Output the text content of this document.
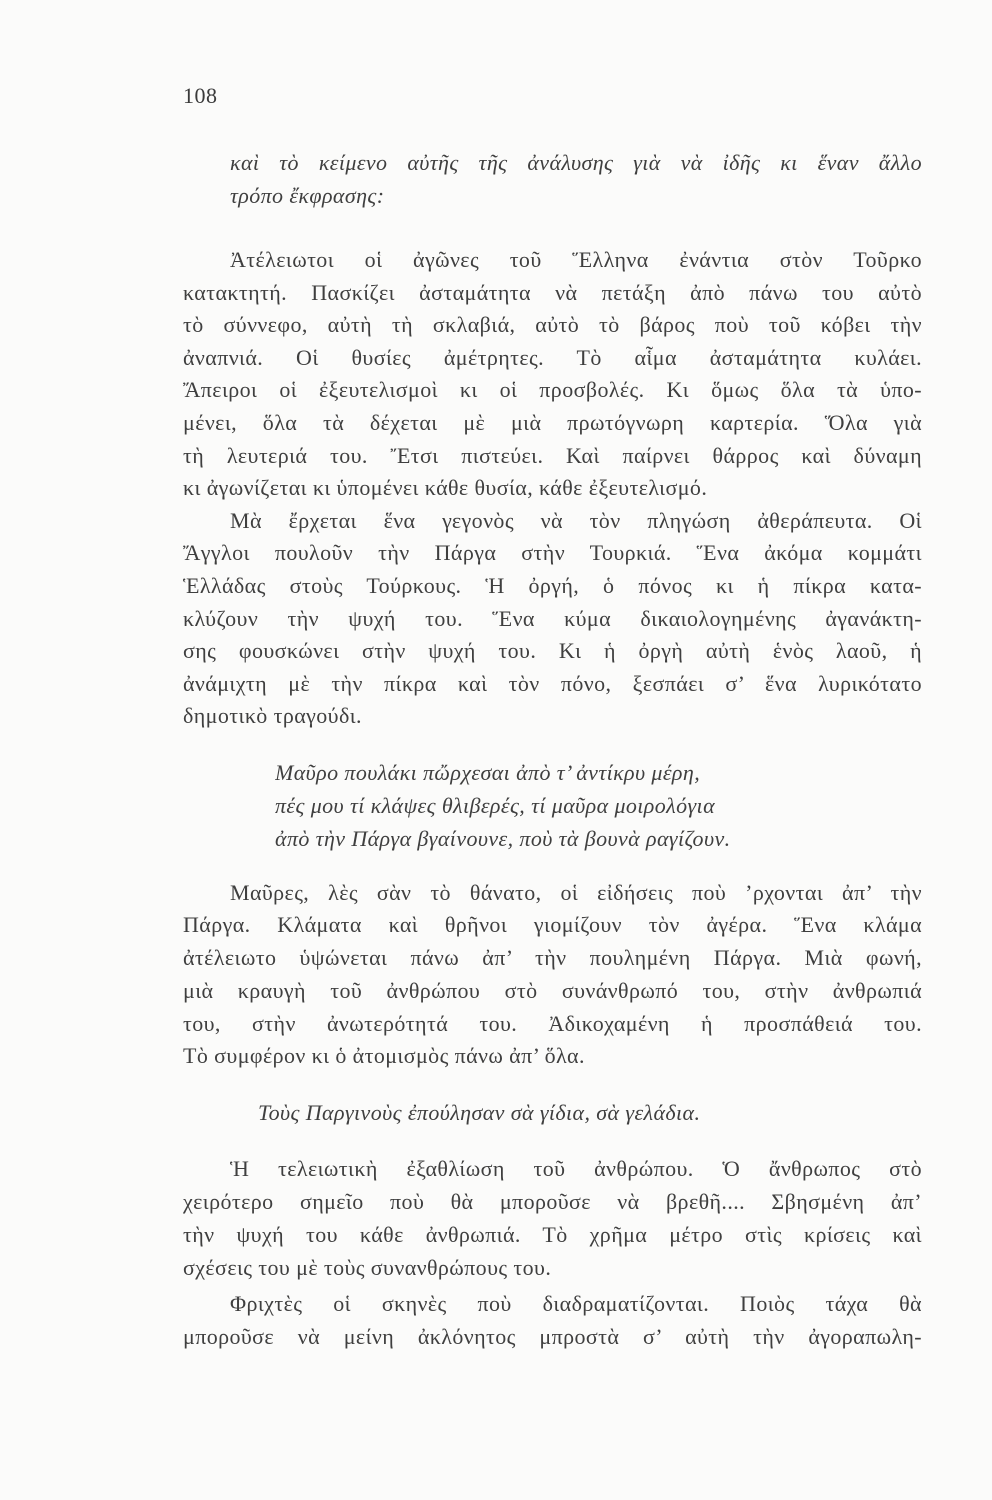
108
καὶ τὸ κείμενο αὐτῆς τῆς ἀνάλυσης γιὰ νὰ ἰδῆς κι ἕναν ἄλλο
τρόπο ἔκφρασης:
Ἀτέλειωτοι οἱ ἀγῶνες τοῦ Ἕλληνα ἐνάντια στὸν Τοῦρκο
κατακτητή. Πασκίζει ἀσταμάτητα νὰ πετάξη ἀπὸ πάνω του αὐτὸ
τὸ σύννεφο, αὐτὴ τὴ σκλαβιά, αὐτὸ τὸ βάρος ποὺ τοῦ κόβει τὴν
ἀναπνιά. Οἱ θυσίες ἀμέτρητες. Τὸ αἷμα ἀσταμάτητα κυλάει.
Ἄπειροι οἱ ἐξευτελισμοὶ κι οἱ προσβολές. Κι ὅμως ὅλα τὰ ὑπο-
μένει, ὅλα τὰ δέχεται μὲ μιὰ πρωτόγνωρη καρτερία. Ὅλα γιὰ
τὴ λευτεριά του. Ἔτσι πιστεύει. Καὶ παίρνει θάρρος καὶ δύναμη
κι ἀγωνίζεται κι ὑπομένει κάθε θυσία, κάθε ἐξευτελισμό.
Μὰ ἔρχεται ἕνα γεγονὸς νὰ τὸν πληγώση ἀθεράπευτα. Οἱ
Ἄγγλοι πουλοῦν τὴν Πάργα στὴν Τουρκιά. Ἕνα ἀκόμα κομμάτι
Ἑλλάδας στοὺς Τούρκους. Ἡ ὀργή, ὁ πόνος κι ἡ πίκρα κατα-
κλύζουν τὴν ψυχή του. Ἕνα κύμα δικαιολογημένης ἀγανάκτη-
σης φουσκώνει στὴν ψυχή του. Κι ἡ ὀργὴ αὐτὴ ἑνὸς λαοῦ, ἡ
ἀνάμιχτη μὲ τὴν πίκρα καὶ τὸν πόνο, ξεσπάει σ’ ἕνα λυρικότατο
δημοτικὸ τραγούδι.
Μαῦρο πουλάκι πὤρχεσαι ἀπὸ τ’ ἀντίκρυ μέρη,
πές μου τί κλάψες θλιβερές, τί μαῦρα μοιρολόγια
ἀπὸ τὴν Πάργα βγαίνουνε, ποὺ τὰ βουνὰ ραγίζουν.
Μαῦρες, λὲς σὰν τὸ θάνατο, οἱ εἰδήσεις ποὺ ’ρχονται ἀπ’ τὴν
Πάργα. Κλάματα καὶ θρῆνοι γιομίζουν τὸν ἀγέρα. Ἕνα κλάμα
ἀτέλειωτο ὑψώνεται πάνω ἀπ’ τὴν πουλημένη Πάργα. Μιὰ φωνή,
μιὰ κραυγὴ τοῦ ἀνθρώπου στὸ συνάνθρωπό του, στὴν ἀνθρωπιά
του, στὴν ἀνωτερότητά του. Ἀδικοχαμένη ἡ προσπάθειά του.
Τὸ συμφέρον κι ὁ ἀτομισμὸς πάνω ἀπ’ ὅλα.
Τοὺς Παργινοὺς ἐπούλησαν σὰ γίδια, σὰ γελάδια.
Ἡ τελειωτικὴ ἐξαθλίωση τοῦ ἀνθρώπου. Ὁ ἄνθρωπος στὸ
χειρότερο σημεῖο ποὺ θὰ μποροῦσε νὰ βρεθῆ.... Σβησμένη ἀπ’
τὴν ψυχή του κάθε ἀνθρωπιά. Τὸ χρῆμα μέτρο στὶς κρίσεις καὶ
σχέσεις του μὲ τοὺς συνανθρώπους του.
Φριχτὲς οἱ σκηνὲς ποὺ διαδραματίζονται. Ποιὸς τάχα θὰ
μποροῦσε νὰ μείνη ἀκλόνητος μπροστὰ σ’ αὐτὴ τὴν ἀγοραπωλη-
